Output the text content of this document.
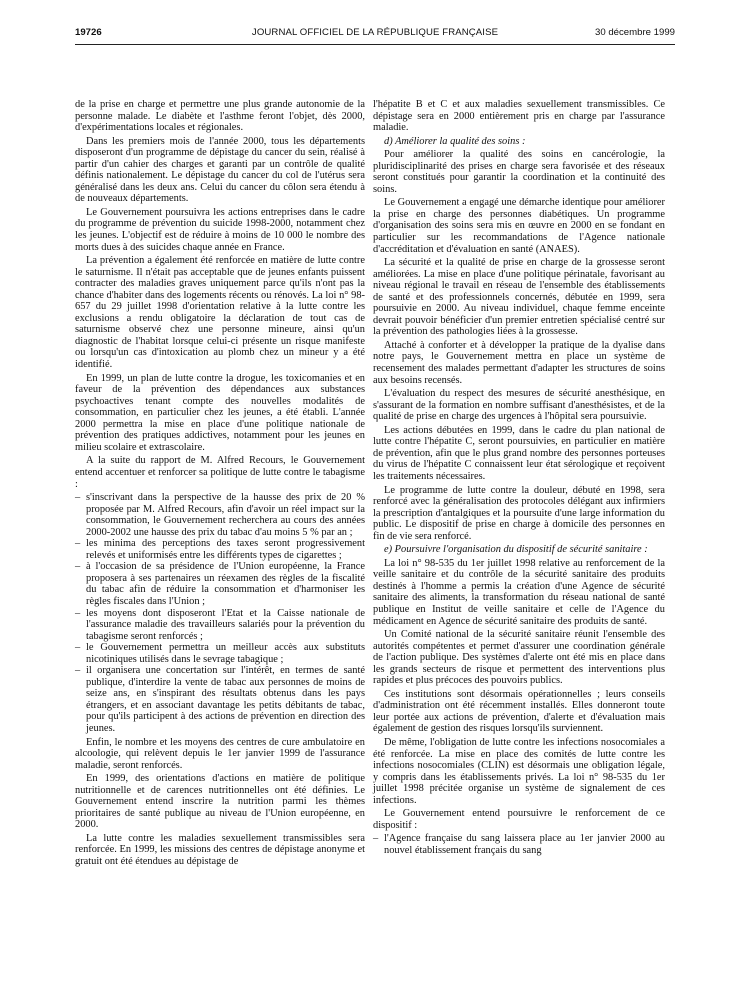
19726	JOURNAL OFFICIEL DE LA RÉPUBLIQUE FRANÇAISE	30 décembre 1999

de la prise en charge et permettre une plus grande autonomie de la personne malade. Le diabète et l'asthme feront l'objet, dès 2000, d'expérimentations locales et régionales.

Dans les premiers mois de l'année 2000, tous les départements disposeront d'un programme de dépistage du cancer du sein, réalisé à partir d'un cahier des charges et garanti par un contrôle de qualité définis nationalement. Le dépistage du cancer du col de l'utérus sera généralisé dans les deux ans. Celui du cancer du côlon sera étendu à de nouveaux départements.

Le Gouvernement poursuivra les actions entreprises dans le cadre du programme de prévention du suicide 1998-2000, notamment chez les jeunes. L'objectif est de réduire à moins de 10 000 le nombre des morts dues à des suicides chaque année en France.

La prévention a également été renforcée en matière de lutte contre le saturnisme. Il n'était pas acceptable que de jeunes enfants puissent contracter des maladies graves uniquement parce qu'ils n'ont pas la chance d'habiter dans des logements récents ou rénovés. La loi n° 98-657 du 29 juillet 1998 d'orientation relative à la lutte contre les exclusions a rendu obligatoire la déclaration de tout cas de saturnisme observé chez une personne mineure, ainsi qu'un diagnostic de l'habitat lorsque celui-ci présente un risque manifeste ou lorsqu'un cas d'intoxication au plomb chez un mineur y a été identifié.

En 1999, un plan de lutte contre la drogue, les toxicomanies et en faveur de la prévention des dépendances aux substances psychoactives tenant compte des nouvelles modalités de consommation, en particulier chez les jeunes, a été établi. L'année 2000 permettra la mise en place d'une politique nationale de prévention des pratiques addictives, notamment pour les jeunes en milieu scolaire et extrascolaire.

A la suite du rapport de M. Alfred Recours, le Gouvernement entend accentuer et renforcer sa politique de lutte contre le tabagisme :

– s'inscrivant dans la perspective de la hausse des prix de 20 % proposée par M. Alfred Recours, afin d'avoir un réel impact sur la consommation, le Gouvernement recherchera au cours des années 2000-2002 une hausse des prix du tabac d'au moins 5 % par an ;
– les minima des perceptions des taxes seront progressivement relevés et uniformisés entre les différents types de cigarettes ;
– à l'occasion de sa présidence de l'Union européenne, la France proposera à ses partenaires un réexamen des règles de la fiscalité du tabac afin de réduire la consommation et d'harmoniser les règles fiscales dans l'Union ;
– les moyens dont disposeront l'Etat et la Caisse nationale de l'assurance maladie des travailleurs salariés pour la prévention du tabagisme seront renforcés ;
– le Gouvernement permettra un meilleur accès aux substituts nicotiniques utilisés dans le sevrage tabagique ;
– il organisera une concertation sur l'intérêt, en termes de santé publique, d'interdire la vente de tabac aux personnes de moins de seize ans, en s'inspirant des résultats obtenus dans les pays étrangers, et en associant davantage les petits débitants de tabac, pour qu'ils participent à des actions de prévention en direction des jeunes.

Enfin, le nombre et les moyens des centres de cure ambulatoire en alcoologie, qui relèvent depuis le 1er janvier 1999 de l'assurance maladie, seront renforcés.

En 1999, des orientations d'actions en matière de politique nutritionnelle et de carences nutritionnelles ont été définies. Le Gouvernement entend inscrire la nutrition parmi les thèmes prioritaires de santé publique au niveau de l'Union européenne, en 2000.

La lutte contre les maladies sexuellement transmissibles sera renforcée. En 1999, les missions des centres de dépistage anonyme et gratuit ont été étendues au dépistage de

l'hépatite B et C et aux maladies sexuellement transmissibles. Ce dépistage sera en 2000 entièrement pris en charge par l'assurance maladie.

d) Améliorer la qualité des soins :

Pour améliorer la qualité des soins en cancérologie, la pluridisciplinarité des prises en charge sera favorisée et des réseaux seront constitués pour garantir la coordination et la continuité des soins.

Le Gouvernement a engagé une démarche identique pour améliorer la prise en charge des personnes diabétiques. Un programme d'organisation des soins sera mis en œuvre en 2000 en se fondant en particulier sur les recommandations de l'Agence nationale d'accréditation et d'évaluation en santé (ANAES).

La sécurité et la qualité de prise en charge de la grossesse seront améliorées. La mise en place d'une politique périnatale, favorisant au niveau régional le travail en réseau de l'ensemble des établissements de santé et des professionnels concernés, débutée en 1999, sera poursuivie en 2000. Au niveau individuel, chaque femme enceinte devrait pouvoir bénéficier d'un premier entretien spécialisé centré sur la prévention des pathologies liées à la grossesse.

Attaché à conforter et à développer la pratique de la dyalise dans notre pays, le Gouvernement mettra en place un système de recensement des malades permettant d'adapter les structures de soins aux besoins recensés.

L'évaluation du respect des mesures de sécurité anesthésique, en s'assurant de la formation en nombre suffisant d'anesthésistes, et de la qualité de prise en charge des urgences à l'hôpital sera poursuivie.

Les actions débutées en 1999, dans le cadre du plan national de lutte contre l'hépatite C, seront poursuivies, en particulier en matière de prévention, afin que le plus grand nombre des personnes porteuses du virus de l'hépatite C connaissent leur état sérologique et reçoivent les traitements nécessaires.

Le programme de lutte contre la douleur, débuté en 1998, sera renforcé avec la généralisation des protocoles délégant aux infirmiers la prescription d'antalgiques et la poursuite d'une large information du public. Le dispositif de prise en charge à domicile des personnes en fin de vie sera renforcé.

e) Poursuivre l'organisation du dispositif de sécurité sanitaire :

La loi n° 98-535 du 1er juillet 1998 relative au renforcement de la veille sanitaire et du contrôle de la sécurité sanitaire des produits destinés à l'homme a permis la création d'une Agence de sécurité sanitaire des aliments, la transformation du réseau national de santé publique en Institut de veille sanitaire et celle de l'Agence du médicament en Agence de sécurité sanitaire des produits de santé.

Un Comité national de la sécurité sanitaire réunit l'ensemble des autorités compétentes et permet d'assurer une coordination générale de l'action publique. Des systèmes d'alerte ont été mis en place dans les grands secteurs de risque et permettent des interventions plus rapides et plus précoces des pouvoirs publics.

Ces institutions sont désormais opérationnelles ; leurs conseils d'administration ont été récemment installés. Elles donneront toute leur portée aux actions de prévention, d'alerte et d'évaluation mais également de gestion des risques lorsqu'ils surviennent.

De même, l'obligation de lutte contre les infections nosocomiales a été renforcée. La mise en place des comités de lutte contre les infections nosocomiales (CLIN) est désormais une obligation légale, y compris dans les établissements privés. La loi n° 98-535 du 1er juillet 1998 précitée organise un système de signalement de ces infections.

Le Gouvernement entend poursuivre le renforcement de ce dispositif :

– l'Agence française du sang laissera place au 1er janvier 2000 au nouvel établissement français du sang
